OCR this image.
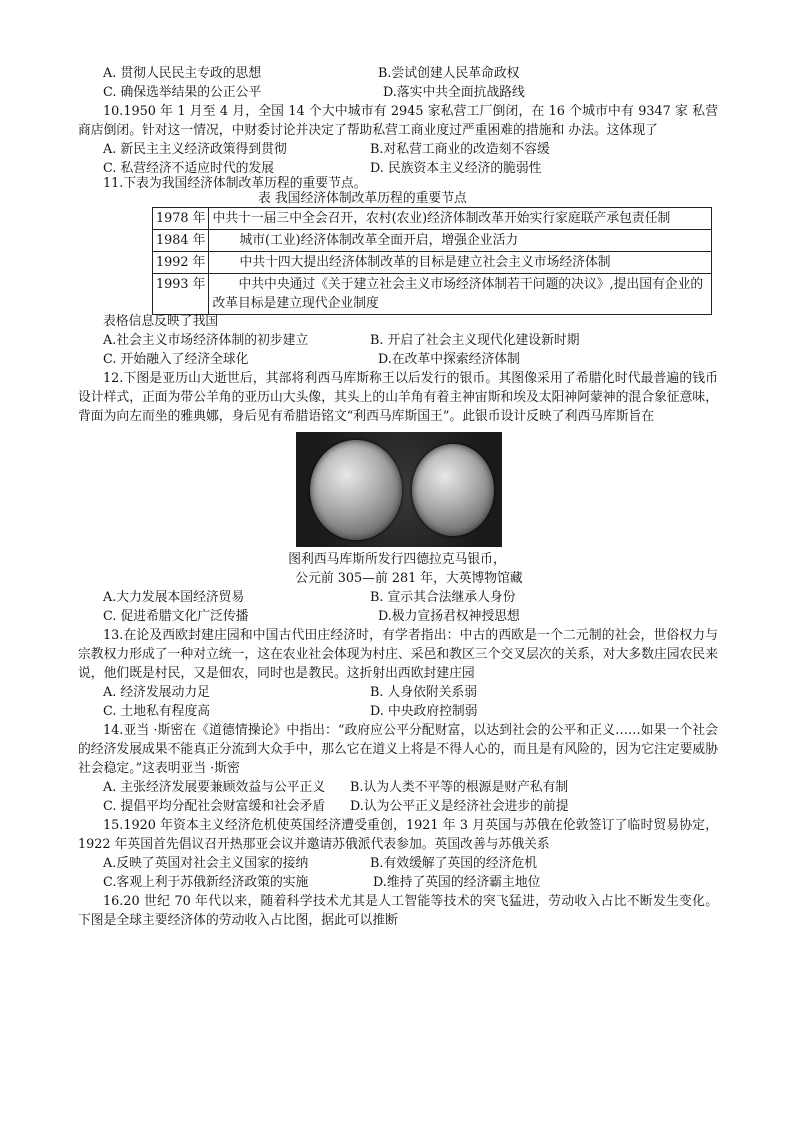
A. 贯彻人民民主专政的思想	B.尝试创建人民革命政权
C. 确保选举结果的公正公平	D.落实中共全面抗战路线
10.1950 年 1 月至 4 月，全国 14 个大中城市有 2945 家私营工厂倒闭，在 16 个城市中有 9347 家 私营商店倒闭。针对这一情况，中财委讨论并决定了帮助私营工商业度过严重困难的措施和 办法。这体现了
A. 新民主主义经济政策得到贯彻	B.对私营工商业的改造刻不容缓
C. 私营经济不适应时代的发展	D. 民族资本主义经济的脆弱性
11.下表为我国经济体制改革历程的重要节点。
表 我国经济体制改革历程的重要节点
1978 年	中共十一届三中全会召开，农村(农业)经济体制改革开始实行家庭联产承包责任制
1984 年	城市(工业)经济体制改革全面开启，增强企业活力
1992 年	中共十四大提出经济体制改革的目标是建立社会主义市场经济体制
1993 年	中共中央通过《关于建立社会主义市场经济体制若干问题的决议》,提出国有企业的改革目标是建立现代企业制度
表格信息反映了我国
A.社会主义市场经济体制的初步建立	B. 开启了社会主义现代化建设新时期
C. 开始融入了经济全球化	D.在改革中探索经济体制
12.下图是亚历山大逝世后，其部将利西马库斯称王以后发行的银币。其图像采用了希腊化时代最普遍的钱币设计样式，正面为带公羊角的亚历山大头像，其头上的山羊角有着主神宙斯和埃及太阳神阿蒙神的混合象征意味，背面为向左而坐的雅典娜，身后见有希腊语铭文“利西马库斯国王”。此银币设计反映了利西马库斯旨在
图利西马库斯所发行四德拉克马银币，
公元前 305—前 281 年，大英博物馆藏
A.大力发展本国经济贸易	B. 宣示其合法继承人身份
C. 促进希腊文化广泛传播	D.极力宣扬君权神授思想
13.在论及西欧封建庄园和中国古代田庄经济时，有学者指出：中古的西欧是一个二元制的社会，世俗权力与宗教权力形成了一种对立统一，这在农业社会体现为村庄、采邑和教区三个交叉层次的关系，对大多数庄园农民来说，他们既是村民，又是佃农，同时也是教民。这折射出西欧封建庄园
A. 经济发展动力足	B. 人身依附关系弱
C. 土地私有程度高	D. 中央政府控制弱
14.亚当 ·斯密在《道德情操论》中指出：“政府应公平分配财富，以达到社会的公平和正义……如果一个社会的经济发展成果不能真正分流到大众手中，那么它在道义上将是不得人心的，而且是有风险的，因为它注定要威胁社会稳定。”这表明亚当 ·斯密
A. 主张经济发展要兼顾效益与公平正义 B.认为人类不平等的根源是财产私有制
C. 提倡平均分配社会财富缓和社会矛盾 D.认为公平正义是经济社会进步的前提
15.1920 年资本主义经济危机使英国经济遭受重创，1921 年 3 月英国与苏俄在伦敦签订了临时贸易协定，1922 年英国首先倡议召开热那亚会议并邀请苏俄派代表参加。英国改善与苏俄关系
A.反映了英国对社会主义国家的接纳	B.有效缓解了英国的经济危机
C.客观上利于苏俄新经济政策的实施	D.维持了英国的经济霸主地位
16.20 世纪 70 年代以来，随着科学技术尤其是人工智能等技术的突飞猛进，劳动收入占比不断发生变化。下图是全球主要经济体的劳动收入占比图，据此可以推断
